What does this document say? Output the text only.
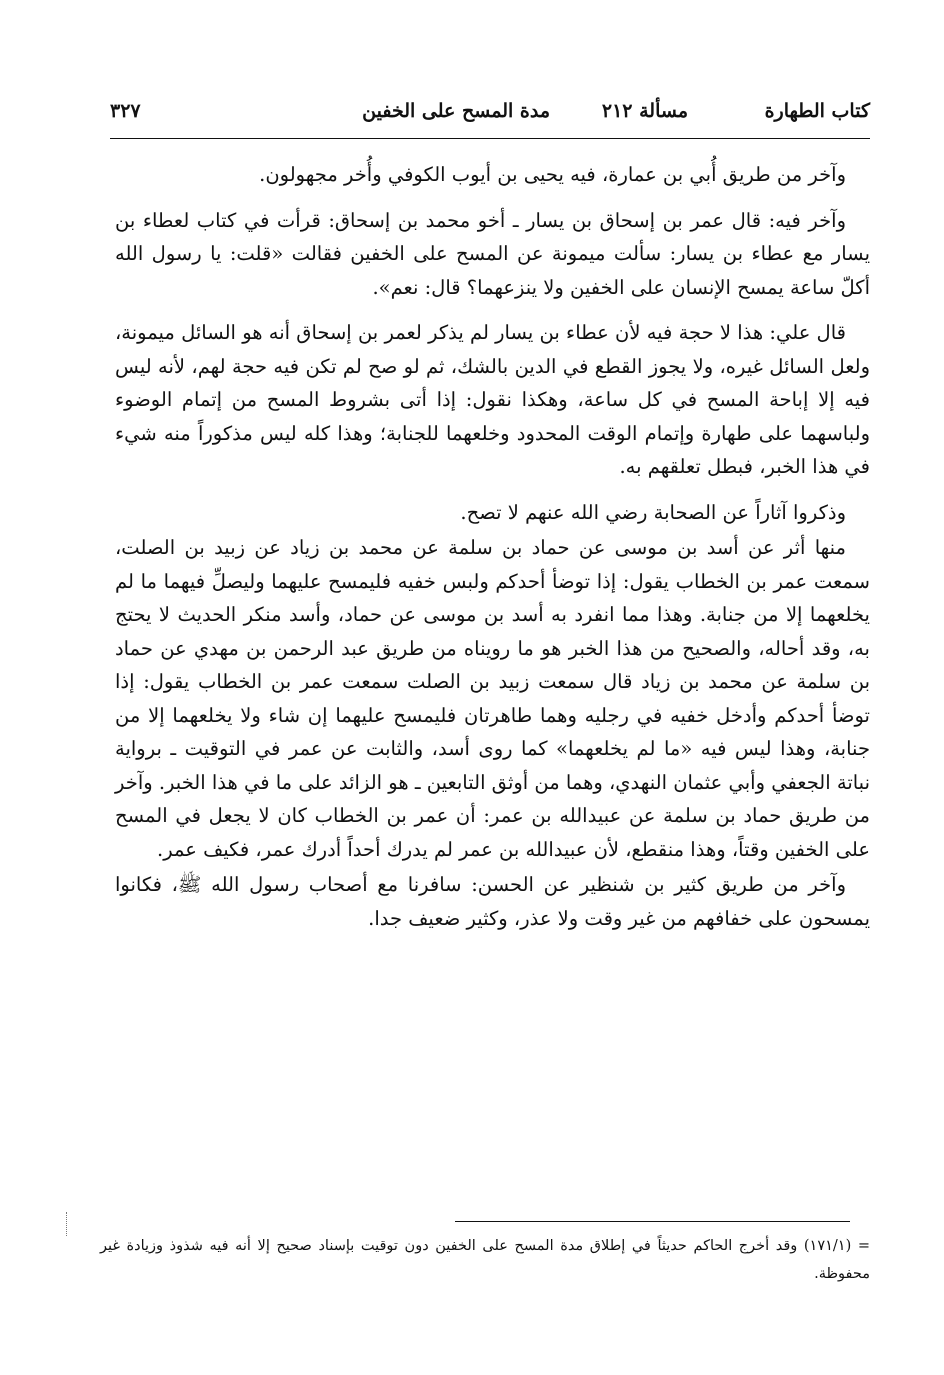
كتاب الطهارة
مسألة ٢١٢
مدة المسح على الخفين
٣٢٧

وآخر من طريق أُبي بن عمارة، فيه يحيى بن أيوب الكوفي وأُخر مجهولون.

وآخر فيه: قال عمر بن إسحاق بن يسار ـ أخو محمد بن إسحاق: قرأت في كتاب لعطاء بن يسار مع عطاء بن يسار: سألت ميمونة عن المسح على الخفين فقالت «قلت: يا رسول الله أكلّ ساعة يمسح الإنسان على الخفين ولا ينزعهما؟ قال: نعم».

قال علي: هذا لا حجة فيه لأن عطاء بن يسار لم يذكر لعمر بن إسحاق أنه هو السائل ميمونة، ولعل السائل غيره، ولا يجوز القطع في الدين بالشك، ثم لو صح لم تكن فيه حجة لهم، لأنه ليس فيه إلا إباحة المسح في كل ساعة، وهكذا نقول: إذا أتى بشروط المسح من إتمام الوضوء ولباسهما على طهارة وإتمام الوقت المحدود وخلعهما للجنابة؛ وهذا كله ليس مذكوراً منه شيء في هذا الخبر، فبطل تعلقهم به.

وذكروا آثاراً عن الصحابة رضي الله عنهم لا تصح.

منها أثر عن أسد بن موسى عن حماد بن سلمة عن محمد بن زياد عن زبيد بن الصلت، سمعت عمر بن الخطاب يقول: إذا توضأ أحدكم ولبس خفيه فليمسح عليهما وليصلِّ فيهما ما لم يخلعهما إلا من جنابة. وهذا مما انفرد به أسد بن موسى عن حماد، وأسد منكر الحديث لا يحتج به، وقد أحاله، والصحيح من هذا الخبر هو ما رويناه من طريق عبد الرحمن بن مهدي عن حماد بن سلمة عن محمد بن زياد قال سمعت زبيد بن الصلت سمعت عمر بن الخطاب يقول: إذا توضأ أحدكم وأدخل خفيه في رجليه وهما طاهرتان فليمسح عليهما إن شاء ولا يخلعهما إلا من جنابة، وهذا ليس فيه «ما لم يخلعهما» كما روى أسد، والثابت عن عمر في التوقيت ـ برواية نباتة الجعفي وأبي عثمان النهدي، وهما من أوثق التابعين ـ هو الزائد على ما في هذا الخبر. وآخر من طريق حماد بن سلمة عن عبيدالله بن عمر: أن عمر بن الخطاب كان لا يجعل في المسح على الخفين وقتاً، وهذا منقطع، لأن عبيدالله بن عمر لم يدرك أحداً أدرك عمر، فكيف عمر.

وآخر من طريق كثير بن شنظير عن الحسن: سافرنا مع أصحاب رسول الله ﷺ، فكانوا يمسحون على خفافهم من غير وقت ولا عذر، وكثير ضعيف جدا.

= (١٧١/١) وقد أخرج الحاكم حديثاً في إطلاق مدة المسح على الخفين دون توقيت بإسناد صحيح إلا أنه فيه شذوذ وزيادة غير محفوظة.
